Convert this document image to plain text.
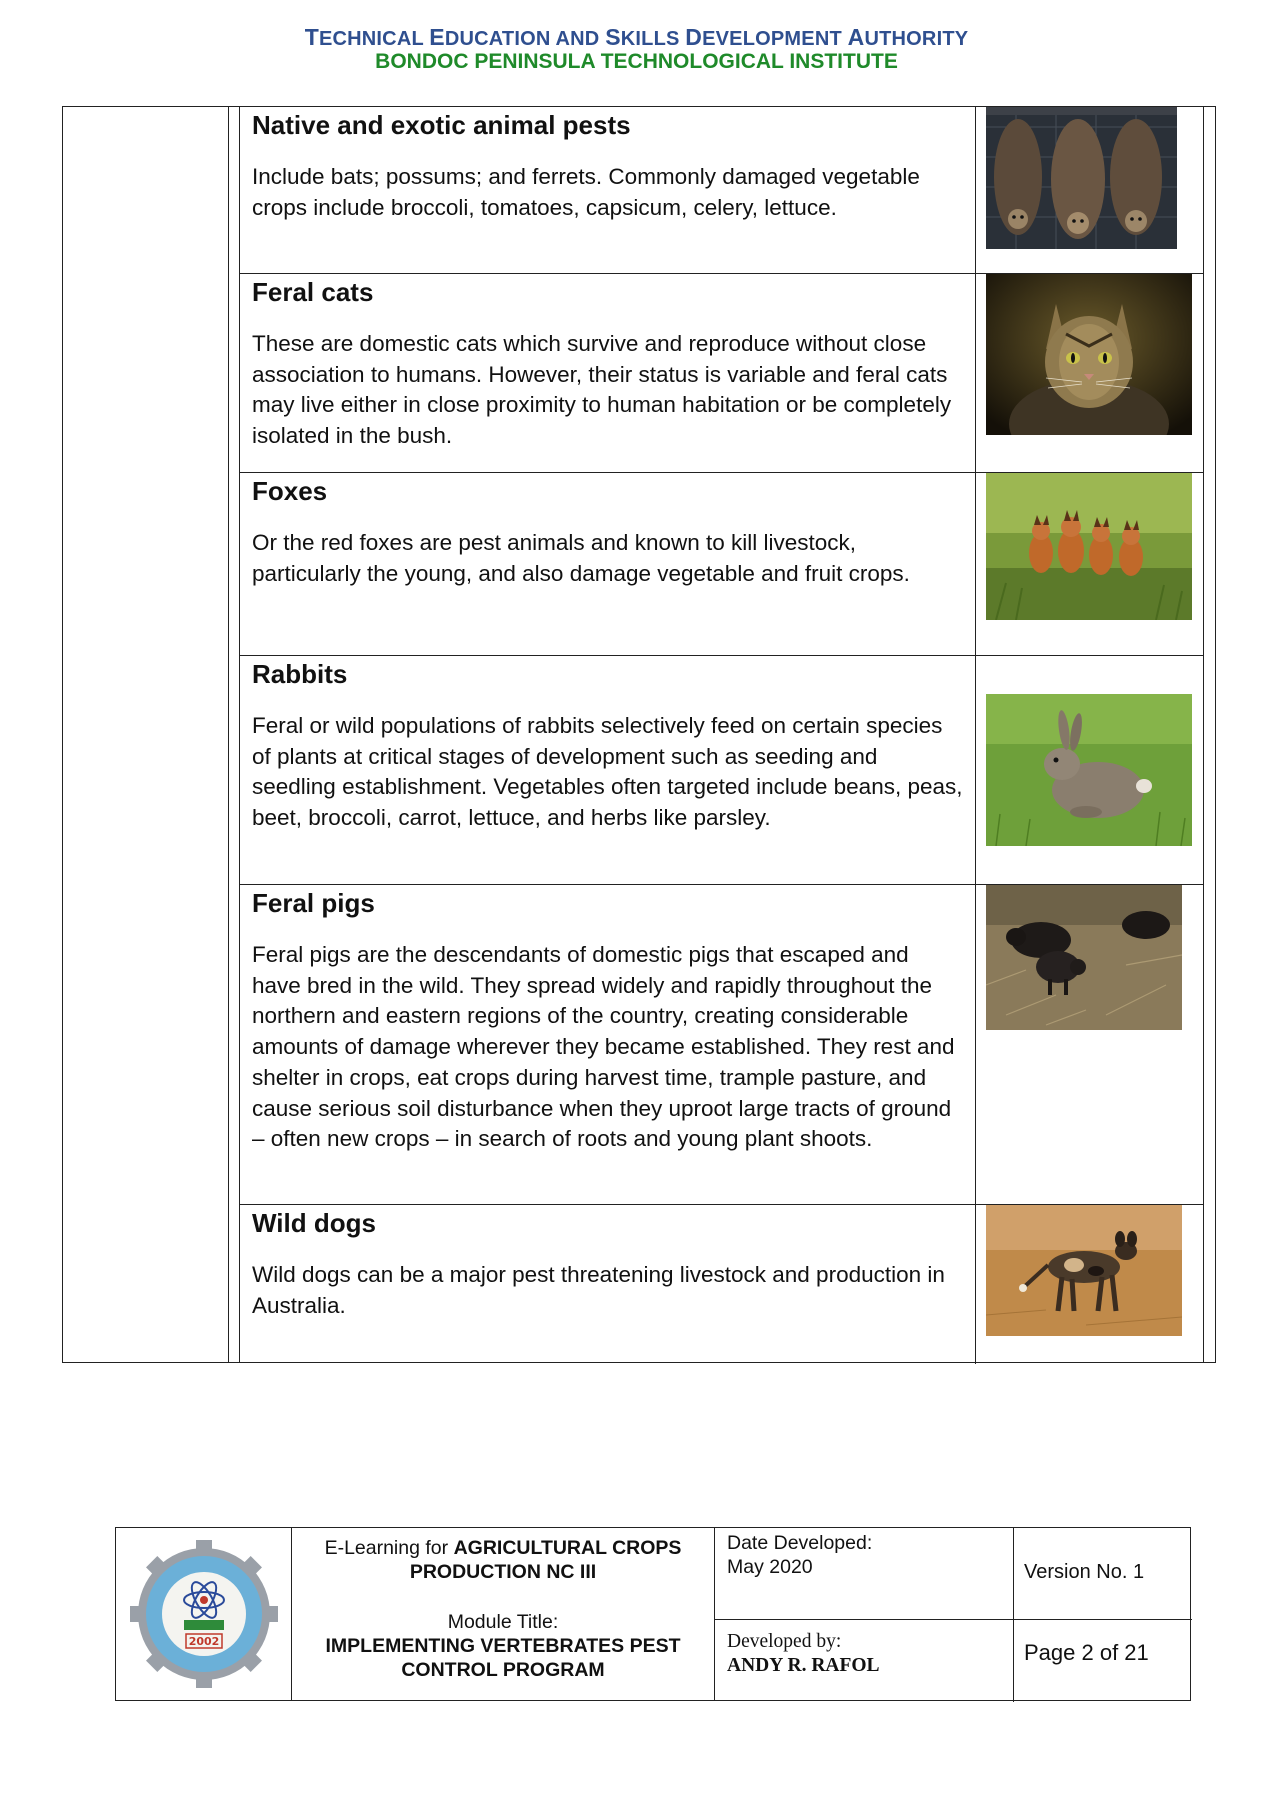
TECHNICAL EDUCATION AND SKILLS DEVELOPMENT AUTHORITY
BONDOC PENINSULA TECHNOLOGICAL INSTITUTE
Native and exotic animal pests
Include bats; possums; and ferrets. Commonly damaged vegetable crops include broccoli, tomatoes, capsicum, celery, lettuce.
Feral cats
These are domestic cats which survive and reproduce without close association to humans. However, their status is variable and feral cats may live either in close proximity to human habitation or be completely isolated in the bush.
Foxes
Or the red foxes are pest animals and known to kill livestock, particularly the young, and also damage vegetable and fruit crops.
Rabbits
Feral or wild populations of rabbits selectively feed on certain species of plants at critical stages of development such as seeding and seedling establishment. Vegetables often targeted include beans, peas, beet, broccoli, carrot, lettuce, and herbs like parsley.
Feral pigs
Feral pigs are the descendants of domestic pigs that escaped and have bred in the wild. They spread widely and rapidly throughout the northern and eastern regions of the country, creating considerable amounts of damage wherever they became established. They rest and shelter in crops, eat crops during harvest time, trample pasture, and cause serious soil disturbance when they uproot large tracts of ground – often new crops – in search of roots and young plant shoots.
Wild dogs
Wild dogs can be a major pest threatening livestock and production in Australia.
2002
E-Learning for AGRICULTURAL CROPS PRODUCTION NC III
Module Title:
IMPLEMENTING VERTEBRATES PEST CONTROL PROGRAM
Date Developed:
May 2020
Developed by:
ANDY R. RAFOL
Version No. 1
Page 2 of 21
